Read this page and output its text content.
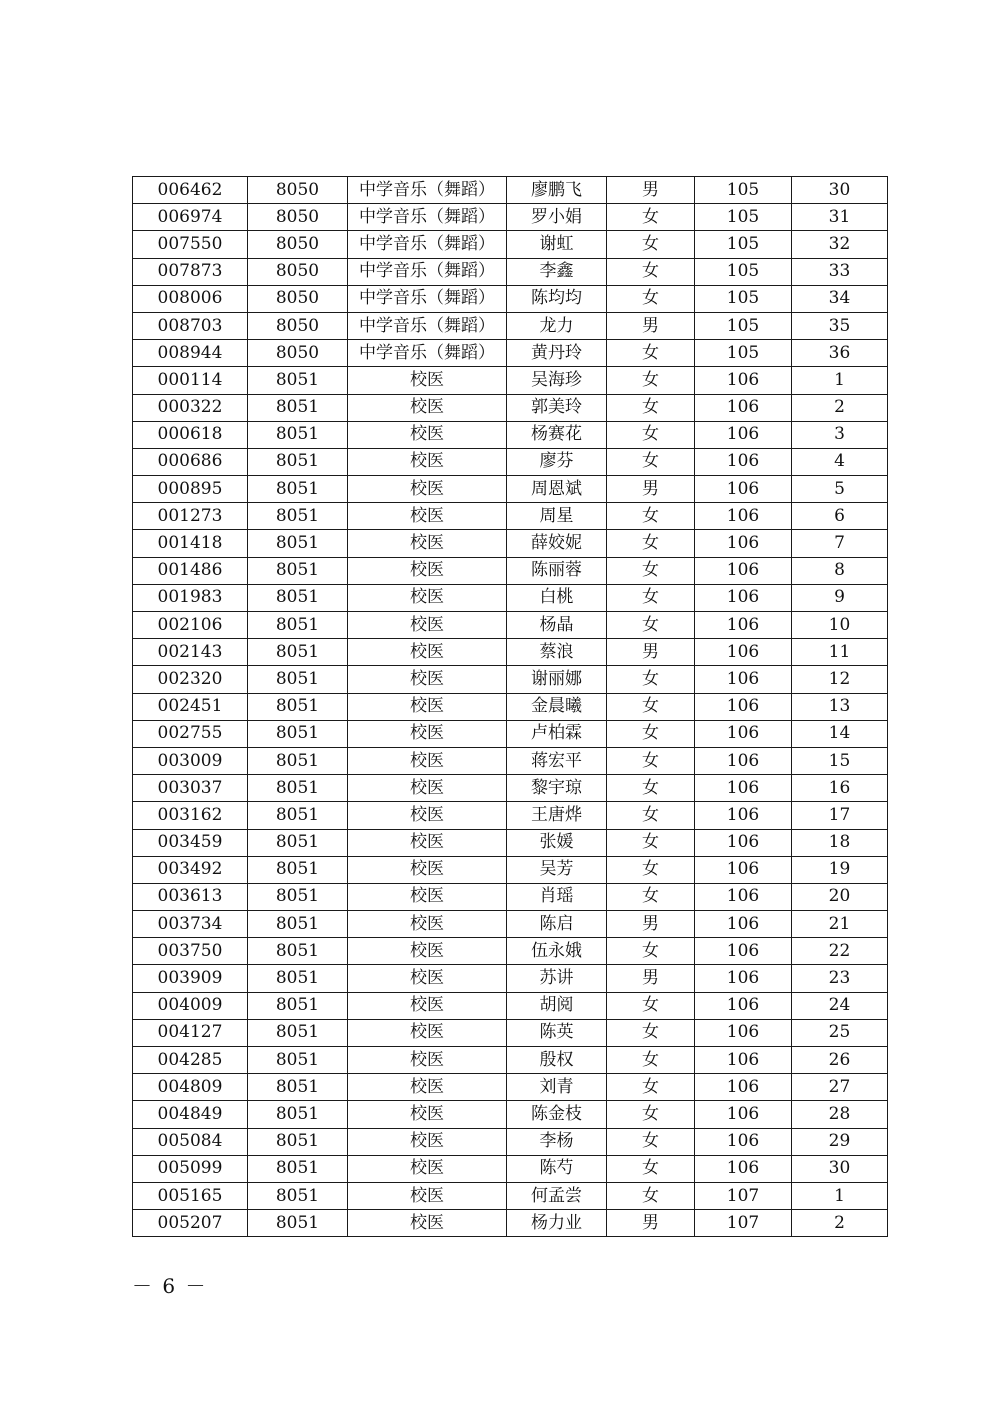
006462	8050	中学音乐（舞蹈）	廖鹏飞	男	105	30
006974	8050	中学音乐（舞蹈）	罗小娟	女	105	31
007550	8050	中学音乐（舞蹈）	谢虹	女	105	32
007873	8050	中学音乐（舞蹈）	李鑫	女	105	33
008006	8050	中学音乐（舞蹈）	陈均均	女	105	34
008703	8050	中学音乐（舞蹈）	龙力	男	105	35
008944	8050	中学音乐（舞蹈）	黄丹玲	女	105	36
000114	8051	校医	吴海珍	女	106	1
000322	8051	校医	郭美玲	女	106	2
000618	8051	校医	杨赛花	女	106	3
000686	8051	校医	廖芬	女	106	4
000895	8051	校医	周恩斌	男	106	5
001273	8051	校医	周星	女	106	6
001418	8051	校医	薛姣妮	女	106	7
001486	8051	校医	陈丽蓉	女	106	8
001983	8051	校医	白桃	女	106	9
002106	8051	校医	杨晶	女	106	10
002143	8051	校医	蔡浪	男	106	11
002320	8051	校医	谢丽娜	女	106	12
002451	8051	校医	金晨曦	女	106	13
002755	8051	校医	卢柏霖	女	106	14
003009	8051	校医	蒋宏平	女	106	15
003037	8051	校医	黎宇琼	女	106	16
003162	8051	校医	王唐烨	女	106	17
003459	8051	校医	张媛	女	106	18
003492	8051	校医	吴芳	女	106	19
003613	8051	校医	肖瑶	女	106	20
003734	8051	校医	陈启	男	106	21
003750	8051	校医	伍永娥	女	106	22
003909	8051	校医	苏讲	男	106	23
004009	8051	校医	胡阅	女	106	24
004127	8051	校医	陈英	女	106	25
004285	8051	校医	殷权	女	106	26
004809	8051	校医	刘青	女	106	27
004849	8051	校医	陈金枝	女	106	28
005084	8051	校医	李杨	女	106	29
005099	8051	校医	陈芍	女	106	30
005165	8051	校医	何孟尝	女	107	1
005207	8051	校医	杨力业	男	107	2
－ 6 －
